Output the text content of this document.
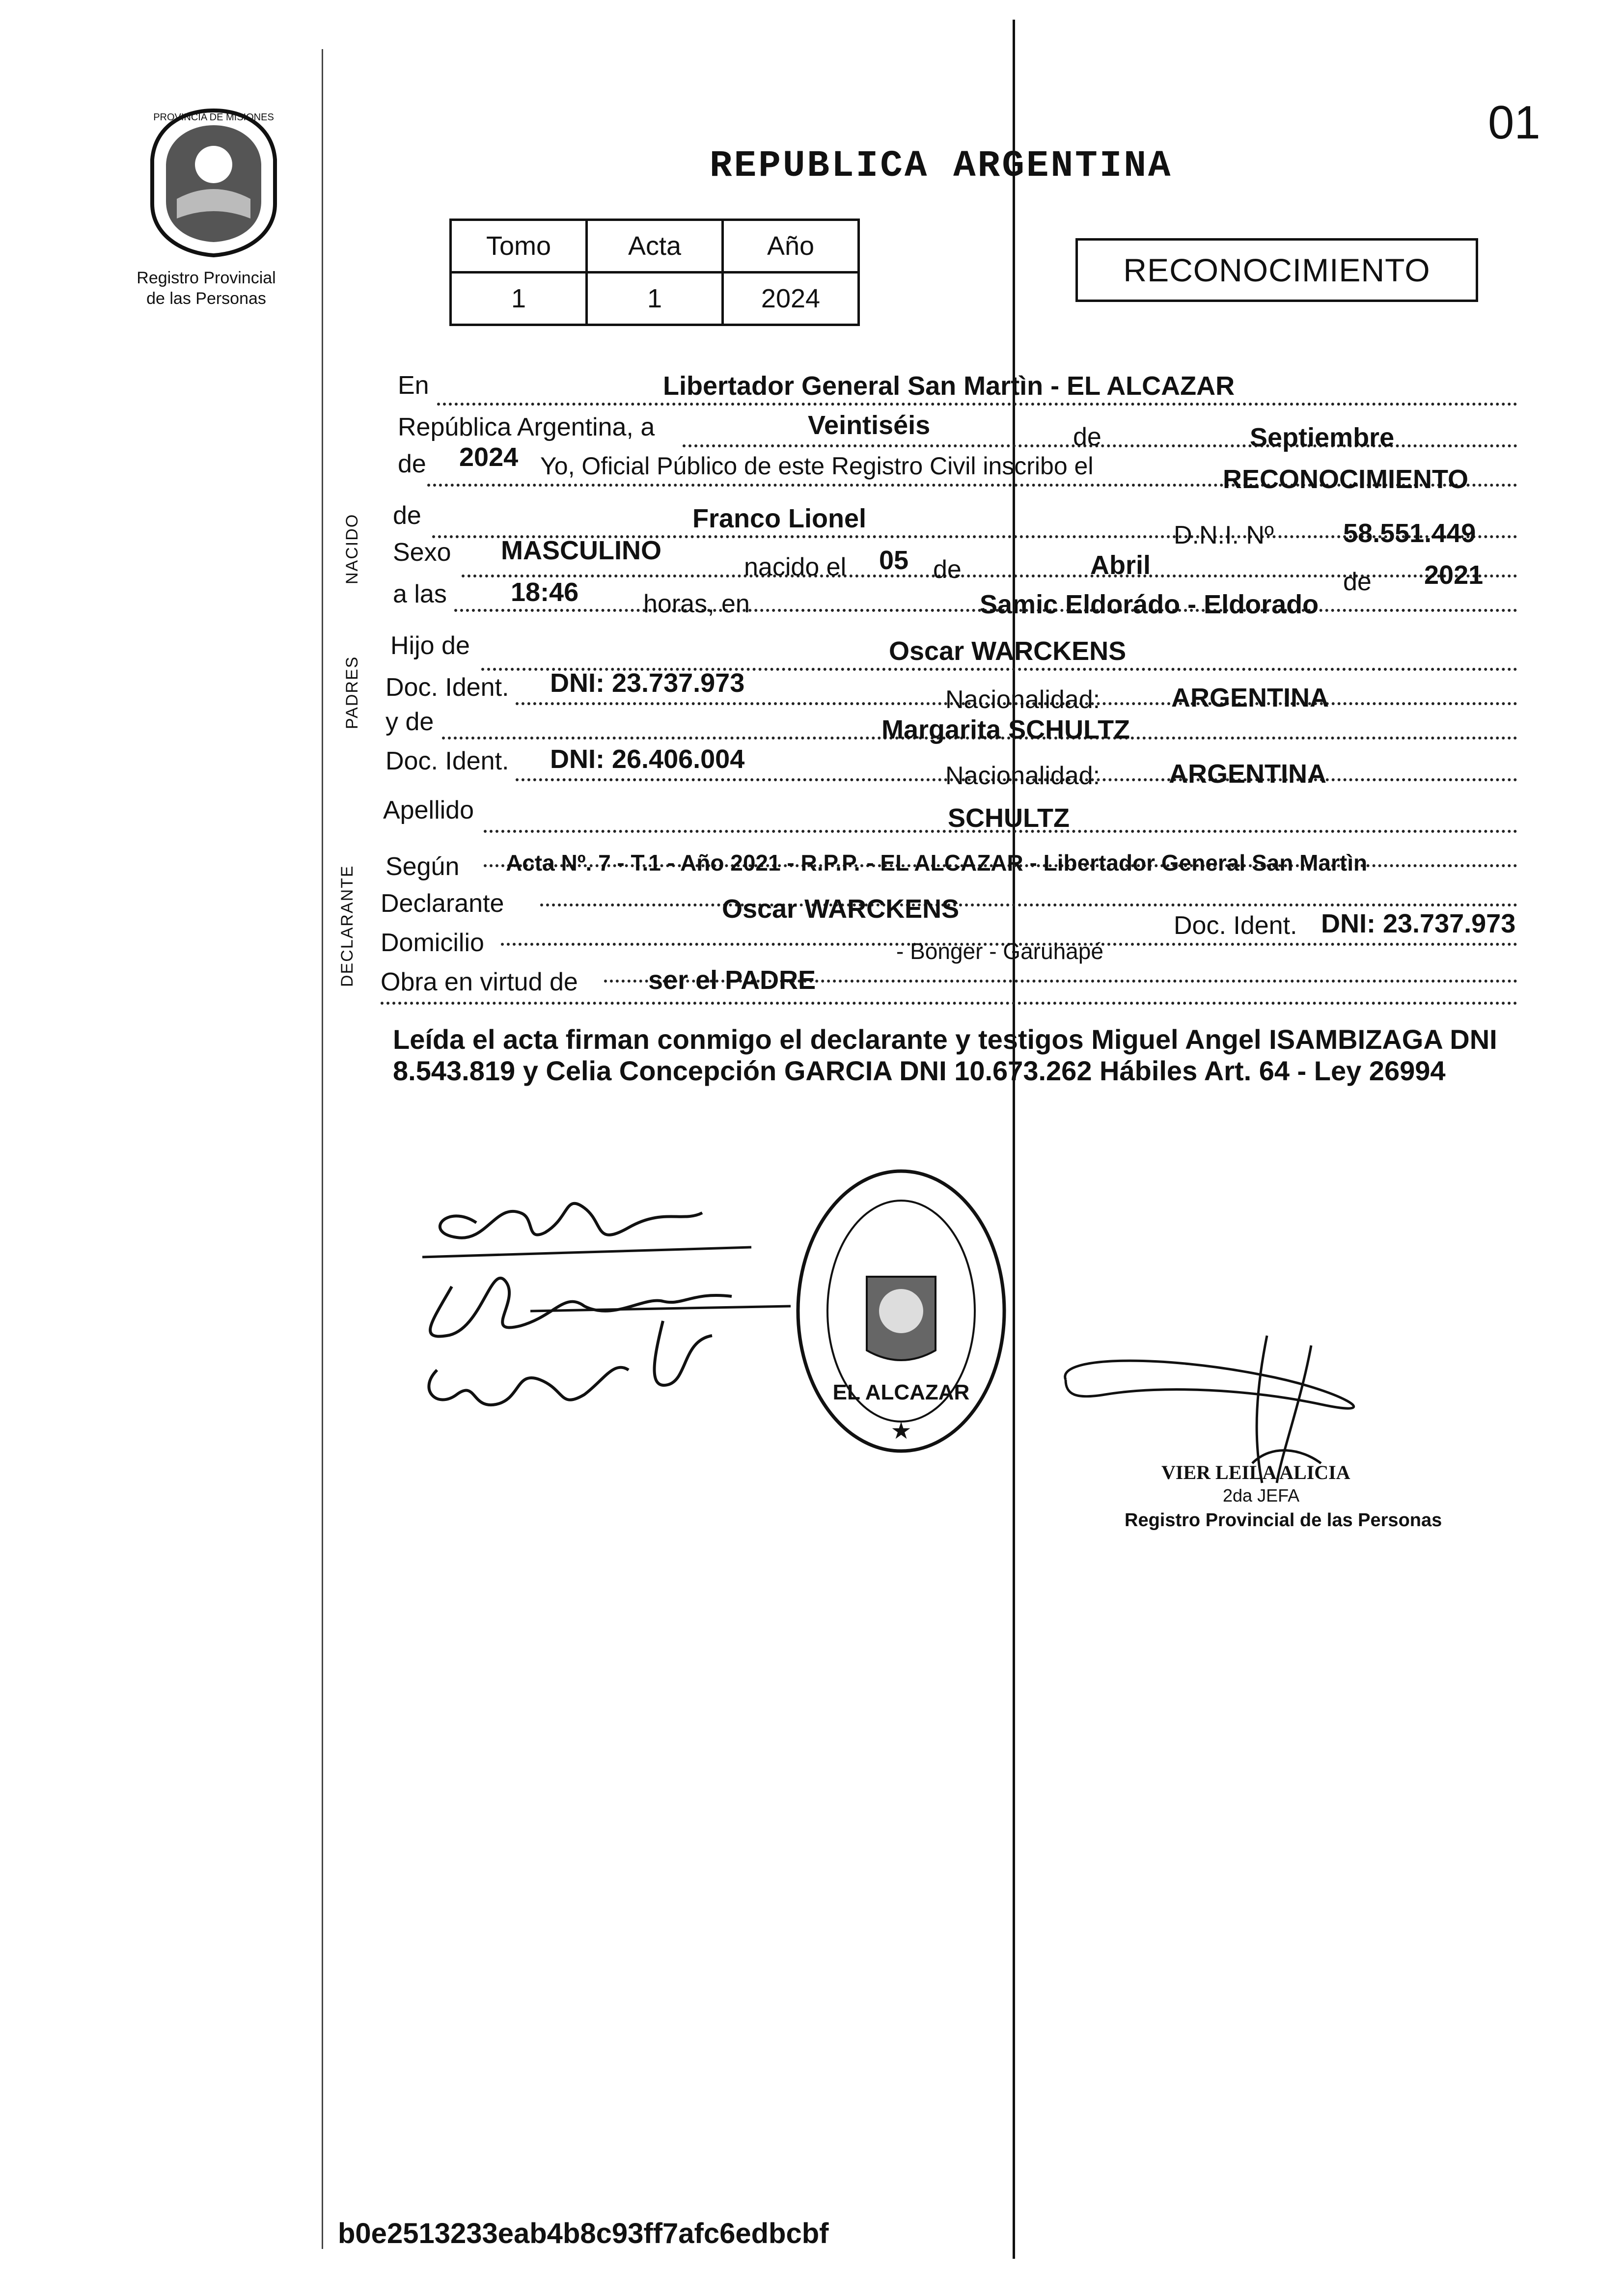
01
PROVINCIA DE MISIONES
Registro Provincial
de las Personas
REPUBLICA ARGENTINA
Tomo	Acta	Año
1	1	2024
RECONOCIMIENTO
NACIDO
PADRES
DECLARANTE
En	Libertador General San Martìn - EL ALCAZAR
República Argentina, a	Veintiséis	de	Septiembre
de 2024 Yo, Oficial Público de este Registro Civil inscribo el	RECONOCIMIENTO
de	Franco Lionel
D.N.I. Nº	58.551.449
Sexo MASCULINO
nacido el 05 de	Abril
de 2021
a las 18:46	horas, en	Samic Eldorádo - Eldorado
Hijo de	Oscar WARCKENS
Doc. Ident. DNI: 23.737.973
Nacionalidad:	ARGENTINA
y de	Margarita SCHULTZ
Doc. Ident. DNI: 26.406.004
Nacionalidad:	ARGENTINA
Apellido	SCHULTZ
Según Acta Nº. 7 - T.1 - Año 2021 - R.P.P. - EL ALCAZAR - Libertador General San Martìn
Declarante	Oscar WARCKENS
Doc. Ident. DNI: 23.737.973
Domicilio	- Bonger - Garuhapé
Obra en virtud de	ser el PADRE
Leída el acta firman conmigo el declarante y testigos Miguel Angel ISAMBIZAGA DNI 8.543.819 y Celia Concepción GARCIA DNI 10.673.262 Hábiles Art. 64 - Ley 26994
EL ALCAZAR
★
DELEGACION DEL REGISTRO PROVINCIAL DE LAS PERSONAS
VIER LEILA ALICIA
2da JEFA
Registro Provincial de las Personas
b0e2513233eab4b8c93ff7afc6edbcbf
